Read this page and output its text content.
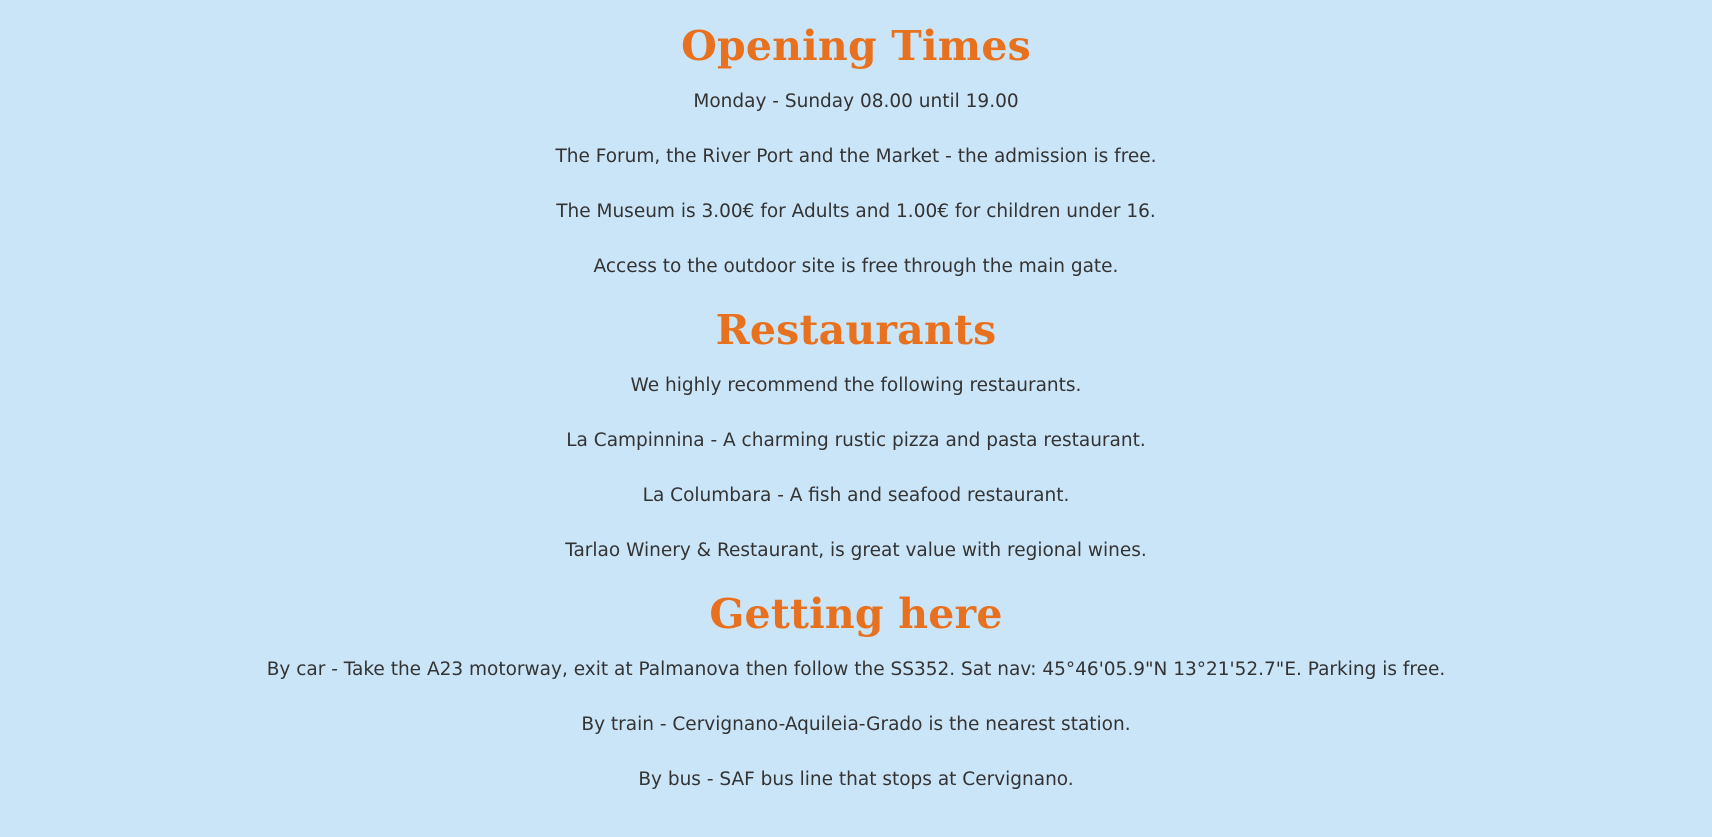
Opening Times

Monday - Sunday 08.00 until 19.00

The Forum, the River Port and the Market - the admission is free.

The Museum is 3.00€ for Adults and 1.00€ for children under 16.

Access to the outdoor site is free through the main gate.

Restaurants

We highly recommend the following restaurants.

La Campinnina - A charming rustic pizza and pasta restaurant.

La Columbara - A fish and seafood restaurant.

Tarlao Winery & Restaurant, is great value with regional wines.

Getting here

By car - Take the A23 motorway, exit at Palmanova then follow the SS352. Sat nav: 45°46'05.9"N 13°21'52.7"E. Parking is free.

By train - Cervignano-Aquileia-Grado is the nearest station.

By bus - SAF bus line that stops at Cervignano.
